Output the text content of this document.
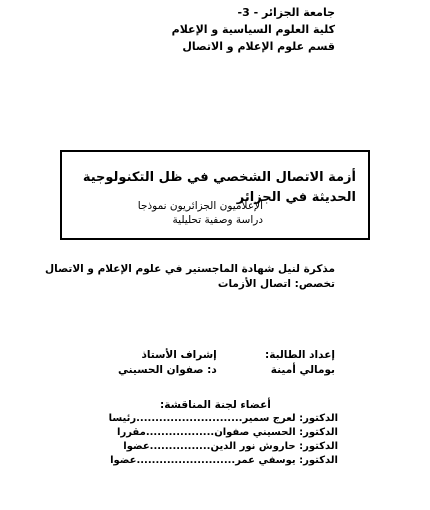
جامعة الجزائر - 3-
كلية العلوم السياسية و الإعلام
قسم علوم الإعلام و الاتصال
أزمة الاتصال الشخصي في ظل التكنولوجية الحديثة في الجزائر
الإعلاميون الجزائريون نموذجا
دراسة وصفية تحليلية
مذكرة لنيل شهادة الماجستير في علوم الإعلام و الاتصال
تخصص: اتصال الأزمات
إعداد الطالبة:
بومالي أمينة
إشراف الأستاذ
د: صفوان الحسيني
أعضاء لجنة المناقشة:
الدكتور: لعرج سمير............................رئيسا
الدكتور: الحسيني صفوان..................مقررا
الدكتور: حاروش نور الدين................عضوا
الدكتور: يوسفي عمر..........................عضوا
